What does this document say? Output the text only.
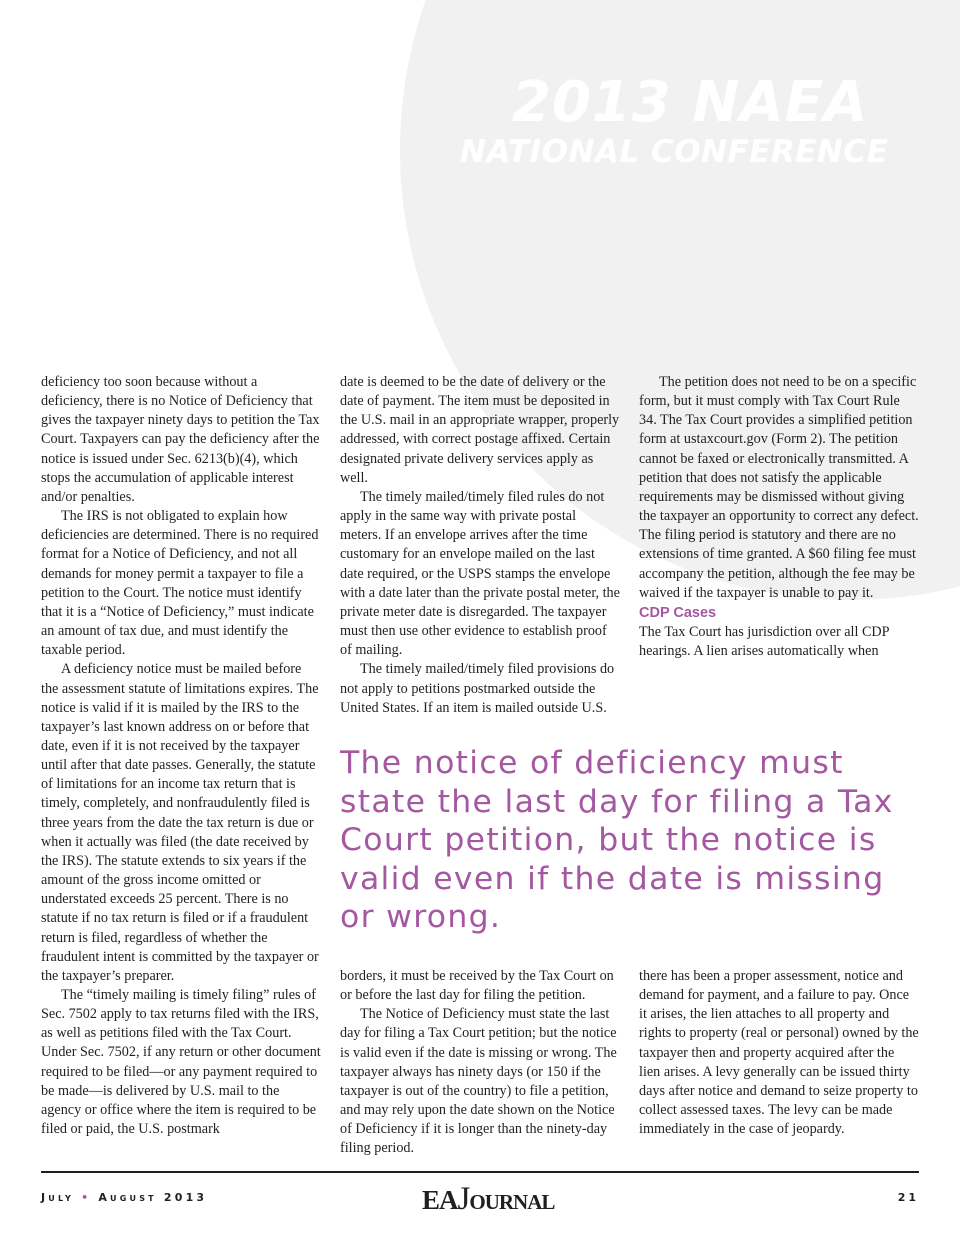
2013 NAEA
NATIONAL CONFERENCE

deficiency too soon because without a deficiency, there is no Notice of Deficiency that gives the taxpayer ninety days to petition the Tax Court. Taxpayers can pay the deficiency after the notice is issued under Sec. 6213(b)(4), which stops the accumulation of applicable interest and/or penalties.

The IRS is not obligated to explain how deficiencies are determined. There is no required format for a Notice of Deficiency, and not all demands for money permit a taxpayer to file a petition to the Court. The notice must identify that it is a “Notice of Deficiency,” must indicate an amount of tax due, and must identify the taxable period.

A deficiency notice must be mailed before the assessment statute of limitations expires. The notice is valid if it is mailed by the IRS to the taxpayer’s last known address on or before that date, even if it is not received by the taxpayer until after that date passes. Generally, the statute of limitations for an income tax return that is timely, completely, and nonfraudulently filed is three years from the date the tax return is due or when it actually was filed (the date received by the IRS). The statute extends to six years if the amount of the gross income omitted or understated exceeds 25 percent. There is no statute if no tax return is filed or if a fraudulent return is filed, regardless of whether the fraudulent intent is committed by the taxpayer or the taxpayer’s preparer.

The “timely mailing is timely filing” rules of Sec. 7502 apply to tax returns filed with the IRS, as well as petitions filed with the Tax Court. Under Sec. 7502, if any return or other document required to be filed—or any payment required to be made—is delivered by U.S. mail to the agency or office where the item is required to be filed or paid, the U.S. postmark

date is deemed to be the date of delivery or the date of payment. The item must be deposited in the U.S. mail in an appropriate wrapper, properly addressed, with correct postage affixed. Certain designated private delivery services apply as well.

The timely mailed/timely filed rules do not apply in the same way with private postal meters. If an envelope arrives after the time customary for an envelope mailed on the last date required, or the USPS stamps the envelope with a date later than the private postal meter, the private meter date is disregarded. The taxpayer must then use other evidence to establish proof of mailing.

The timely mailed/timely filed provisions do not apply to petitions postmarked outside the United States. If an item is mailed outside U.S.

The petition does not need to be on a specific form, but it must comply with Tax Court Rule 34. The Tax Court provides a simplified petition form at ustaxcourt.gov (Form 2). The petition cannot be faxed or electronically transmitted. A petition that does not satisfy the applicable requirements may be dismissed without giving the taxpayer an opportunity to correct any defect. The filing period is statutory and there are no extensions of time granted. A $60 filing fee must accompany the petition, although the fee may be waived if the taxpayer is unable to pay it.

CDP Cases

The Tax Court has jurisdiction over all CDP hearings. A lien arises automatically when

The notice of deficiency must state the last day for filing a Tax Court petition, but the notice is valid even if the date is missing or wrong.

borders, it must be received by the Tax Court on or before the last day for filing the petition.

The Notice of Deficiency must state the last day for filing a Tax Court petition; but the notice is valid even if the date is missing or wrong. The taxpayer always has ninety days (or 150 if the taxpayer is out of the country) to file a petition, and may rely upon the date shown on the Notice of Deficiency if it is longer than the ninety-day filing period.

there has been a proper assessment, notice and demand for payment, and a failure to pay. Once it arises, the lien attaches to all property and rights to property (real or personal) owned by the taxpayer then and property acquired after the lien arises. A levy generally can be issued thirty days after notice and demand to seize property to collect assessed taxes. The levy can be made immediately in the case of jeopardy.

July • August 2013	EAJOURNAL	21
